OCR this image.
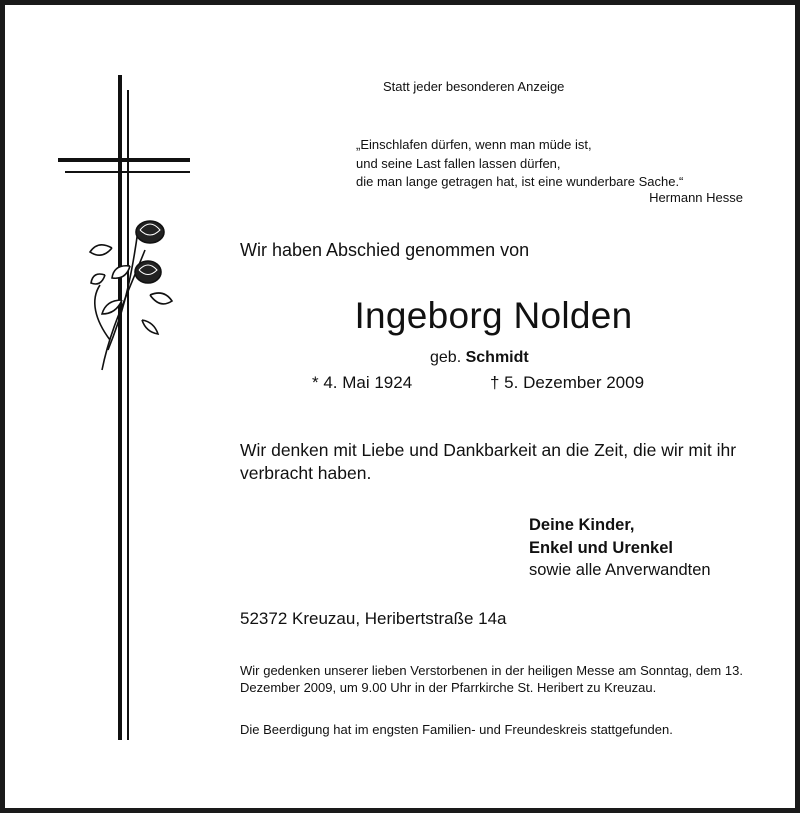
Statt jeder besonderen Anzeige
„Einschlafen dürfen, wenn man müde ist,
und seine Last fallen lassen dürfen,
die man lange getragen hat, ist eine wunderbare Sache.“
Hermann Hesse
Wir haben Abschied genommen von
Ingeborg Nolden
geb. Schmidt
* 4. Mai 1924	† 5. Dezember 2009
Wir denken mit Liebe und Dankbarkeit an die Zeit, die wir mit ihr verbracht haben.
Deine Kinder,
Enkel und Urenkel
sowie alle Anverwandten
52372 Kreuzau, Heribertstraße 14a
Wir gedenken unserer lieben Verstorbenen in der heiligen Messe am Sonntag, dem 13. Dezember 2009, um 9.00 Uhr in der Pfarrkirche St. Heribert zu Kreuzau.
Die Beerdigung hat im engsten Familien- und Freundeskreis stattgefunden.
